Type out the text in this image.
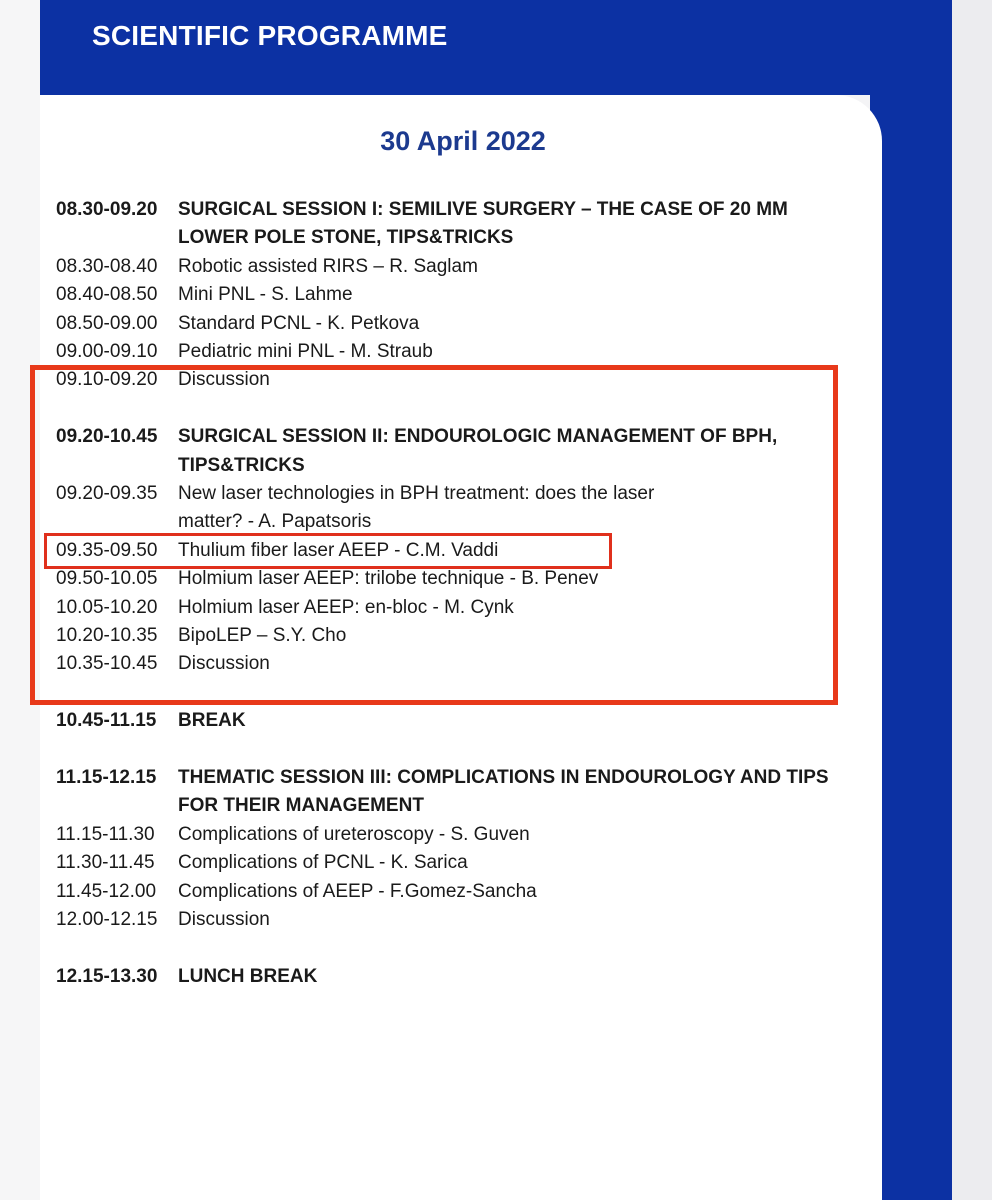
SCIENTIFIC PROGRAMME
30 April 2022
08.30-09.20	SURGICAL SESSION I: SEMILIVE SURGERY – THE CASE OF 20 MM
LOWER POLE STONE, TIPS&TRICKS
08.30-08.40	Robotic assisted RIRS – R. Saglam
08.40-08.50	Mini PNL - S. Lahme
08.50-09.00	Standard PCNL - K. Petkova
09.00-09.10	Pediatric mini PNL - M. Straub
09.10-09.20	Discussion
09.20-10.45	SURGICAL SESSION II: ENDOUROLOGIC MANAGEMENT OF BPH,
TIPS&TRICKS
09.20-09.35	New laser technologies in BPH treatment: does the laser
matter? - A. Papatsoris
09.35-09.50	Thulium fiber laser AEEP - C.M. Vaddi
09.50-10.05	Holmium laser AEEP: trilobe technique - B. Penev
10.05-10.20	Holmium laser AEEP: en-bloc - M. Cynk
10.20-10.35	BipoLEP – S.Y. Cho
10.35-10.45	Discussion
10.45-11.15	BREAK
11.15-12.15	THEMATIC SESSION III: COMPLICATIONS IN ENDOUROLOGY AND TIPS
FOR THEIR MANAGEMENT
11.15-11.30	Complications of ureteroscopy - S. Guven
11.30-11.45	Complications of PCNL - K. Sarica
11.45-12.00	Complications of AEEP - F.Gomez-Sancha
12.00-12.15	Discussion
12.15-13.30	LUNCH BREAK
